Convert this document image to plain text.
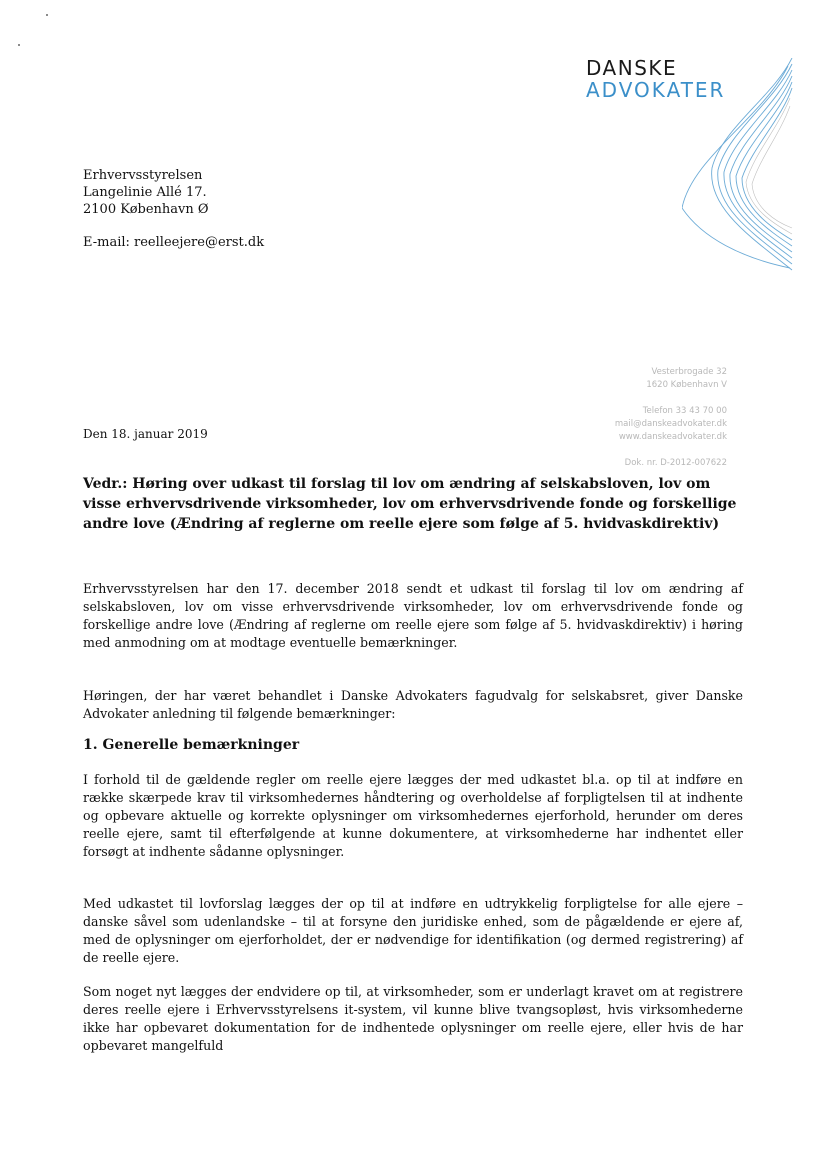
DANSKE
ADVOKATER
Erhvervsstyrelsen
Langelinie Allé 17.
2100 København Ø
E-mail: reelleejere@erst.dk
Vesterbrogade 32
1620 København V
Telefon 33 43 70 00
mail@danskeadvokater.dk
www.danskeadvokater.dk
Dok. nr. D-2012-007622
Den 18. januar 2019
Vedr.: Høring over udkast til forslag til lov om ændring af selskabsloven, lov om visse erhvervsdrivende virksomheder, lov om erhvervsdrivende fonde og forskellige andre love (Ændring af reglerne om reelle ejere som følge af 5. hvidvaskdirektiv)
Erhvervsstyrelsen har den 17. december 2018 sendt et udkast til forslag til lov om ændring af selskabsloven, lov om visse erhvervsdrivende virksomheder, lov om erhvervsdrivende fonde og forskellige andre love (Ændring af reglerne om reelle ejere som følge af 5. hvidvaskdirektiv) i høring med anmodning om at modtage eventuelle bemærkninger.
Høringen, der har været behandlet i Danske Advokaters fagudvalg for selskabsret, giver Danske Advokater anledning til følgende bemærkninger:
1. Generelle bemærkninger
I forhold til de gældende regler om reelle ejere lægges der med udkastet bl.a. op til at indføre en række skærpede krav til virksomhedernes håndtering og overholdelse af forpligtelsen til at indhente og opbevare aktuelle og korrekte oplysninger om virksomhedernes ejerforhold, herunder om deres reelle ejere, samt til efterfølgende at kunne dokumentere, at virksomhederne har indhentet eller forsøgt at indhente sådanne oplysninger.
Med udkastet til lovforslag lægges der op til at indføre en udtrykkelig forpligtelse for alle ejere – danske såvel som udenlandske – til at forsyne den juridiske enhed, som de pågældende er ejere af, med de oplysninger om ejerforholdet, der er nødvendige for identifikation (og dermed registrering) af de reelle ejere.
Som noget nyt lægges der endvidere op til, at virksomheder, som er underlagt kravet om at registrere deres reelle ejere i Erhvervsstyrelsens it-system, vil kunne blive tvangsopløst, hvis virksomhederne ikke har opbevaret dokumentation for de indhentede oplysninger om reelle ejere, eller hvis de har opbevaret mangelfuld
